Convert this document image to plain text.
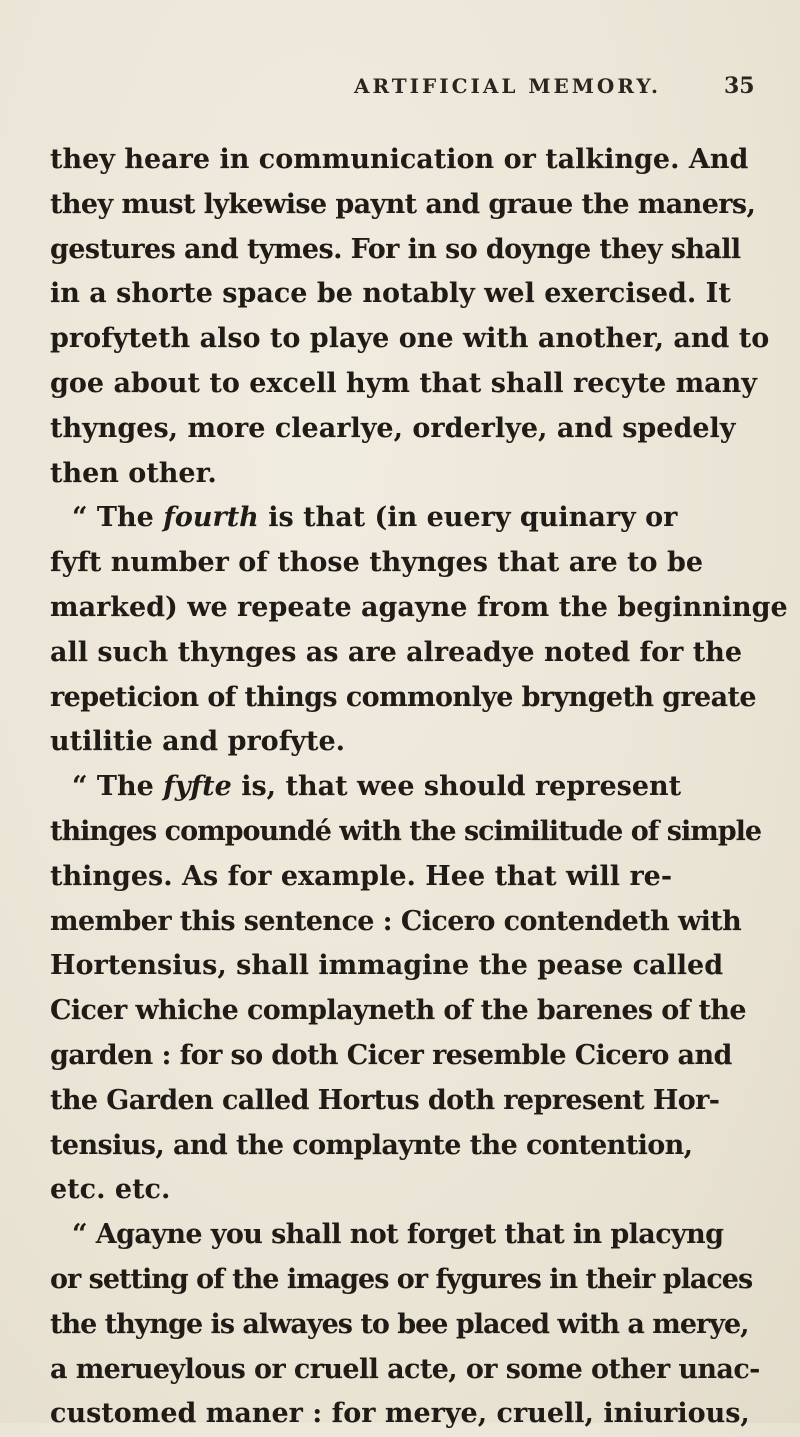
ARTIFICIAL MEMORY.	35
they heare in communication or talkinge. And
they must lykewise paynt and graue the maners,
gestures and tymes. For in so doynge they shall
in a shorte space be notably wel exercised. It
profyteth also to playe one with another, and to
goe about to excell hym that shall recyte many
thynges, more clearlye, orderlye, and spedely
then other.
“ The fourth is that (in euery quinary or
fyft number of those thynges that are to be
marked) we repeate agayne from the beginninge
all such thynges as are alreadye noted for the
repeticion of things commonlye bryngeth greate
utilitie and profyte.
“ The fyfte is, that wee should represent
thinges compoundé with the scimilitude of simple
thinges. As for example. Hee that will re-
member this sentence : Cicero contendeth with
Hortensius, shall immagine the pease called
Cicer whiche complayneth of the barenes of the
garden : for so doth Cicer resemble Cicero and
the Garden called Hortus doth represent Hor-
tensius, and the complaynte the contention,
etc. etc.
“ Agayne you shall not forget that in placyng
or setting of the images or fygures in their places
the thynge is alwayes to bee placed with a merye,
a merueylous or cruell acte, or some other unac-
customed maner : for merye, cruell, iniurious,
